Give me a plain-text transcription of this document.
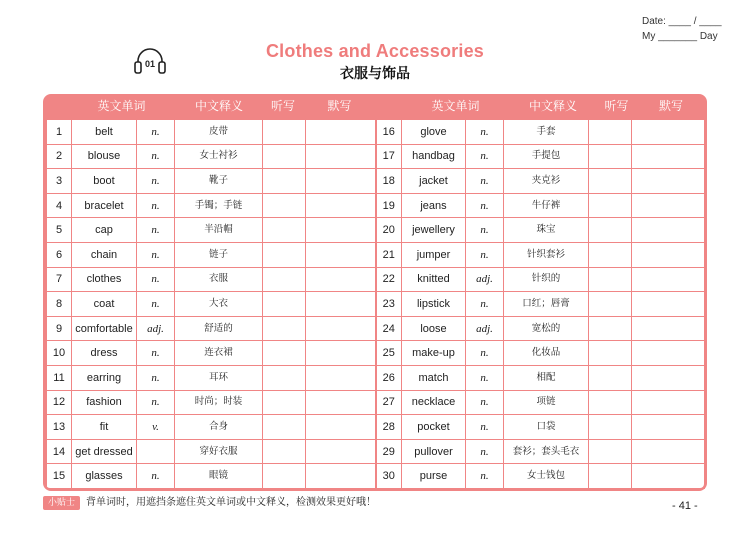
Date: ____ / ____
My _______ Day
01
Clothes and Accessories
衣服与饰品
英文单词	中文释义	听写	默写	英文单词	中文释义	听写	默写
1	belt	n.	皮带			16	glove	n.	手套		
2	blouse	n.	女士衬衫			17	handbag	n.	手提包		
3	boot	n.	靴子			18	jacket	n.	夹克衫		
4	bracelet	n.	手镯；手链			19	jeans	n.	牛仔裤		
5	cap	n.	半沿帽			20	jewellery	n.	珠宝		
6	chain	n.	链子			21	jumper	n.	针织套衫		
7	clothes	n.	衣服			22	knitted	adj.	针织的		
8	coat	n.	大衣			23	lipstick	n.	口红；唇膏		
9	comfortable	adj.	舒适的			24	loose	adj.	宽松的		
10	dress	n.	连衣裙			25	make-up	n.	化妆品		
11	earring	n.	耳环			26	match	n.	相配		
12	fashion	n.	时尚；时装			27	necklace	n.	项链		
13	fit	v.	合身			28	pocket	n.	口袋		
14	get dressed		穿好衣服			29	pullover	n.	套衫；套头毛衣		
15	glasses	n.	眼镜			30	purse	n.	女士钱包		
小贴士	背单词时，用遮挡条遮住英文单词或中文释义，检测效果更好哦！	- 41 -
